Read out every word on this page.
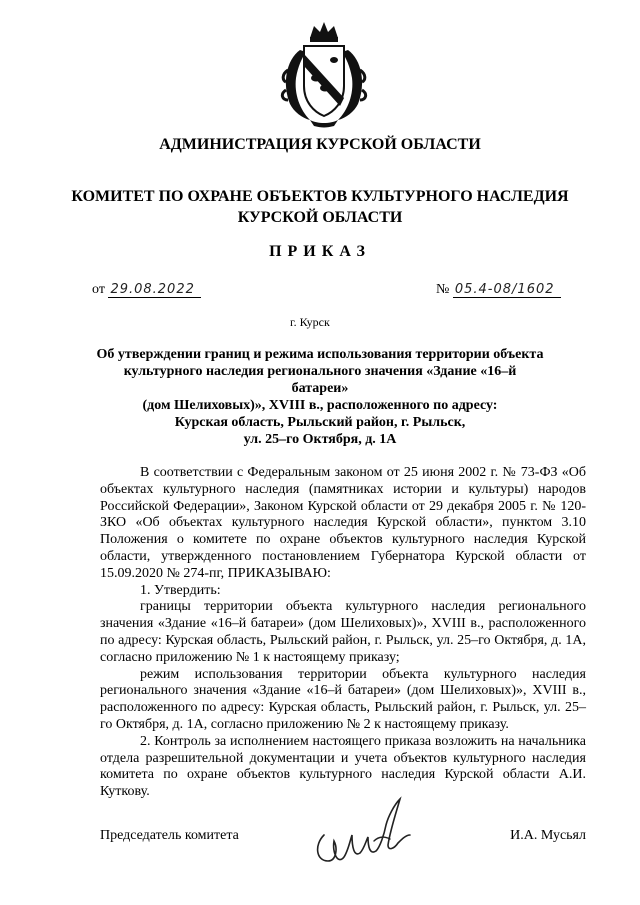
АДМИНИСТРАЦИЯ КУРСКОЙ ОБЛАСТИ
КОМИТЕТ ПО ОХРАНЕ ОБЪЕКТОВ КУЛЬТУРНОГО НАСЛЕДИЯ
КУРСКОЙ ОБЛАСТИ
ПРИКАЗ
от 29.08.2022	№ 05.4-08/1602
г. Курск
Об утверждении границ и режима использования территории объекта
культурного наследия регионального значения «Здание «16–й батареи»
(дом Шелиховых)», XVIII в., расположенного по адресу:
Курская область, Рыльский район, г. Рыльск,
ул. 25–го Октября, д. 1А

В соответствии с Федеральным законом от 25 июня 2002 г. № 73-ФЗ «Об объектах культурного наследия (памятниках истории и культуры) народов Российской Федерации», Законом Курской области от 29 декабря 2005 г. № 120-ЗКО «Об объектах культурного наследия Курской области», пунктом 3.10 Положения о комитете по охране объектов культурного наследия Курской области, утвержденного постановлением Губернатора Курской области от 15.09.2020 № 274-пг, ПРИКАЗЫВАЮ:

1. Утвердить:

границы территории объекта культурного наследия регионального значения «Здание «16–й батареи» (дом Шелиховых)», XVIII в., расположенного по адресу: Курская область, Рыльский район, г. Рыльск, ул. 25–го Октября, д. 1А, согласно приложению № 1 к настоящему приказу;

режим использования территории объекта культурного наследия регионального значения «Здание «16–й батареи» (дом Шелиховых)», XVIII в., расположенного по адресу: Курская область, Рыльский район, г. Рыльск, ул. 25–го Октября, д. 1А, согласно приложению № 2 к настоящему приказу.

2. Контроль за исполнением настоящего приказа возложить на начальника отдела разрешительной документации и учета объектов культурного наследия комитета по охране объектов культурного наследия Курской области А.И. Куткову.

Председатель комитета	И.А. Мусьял
